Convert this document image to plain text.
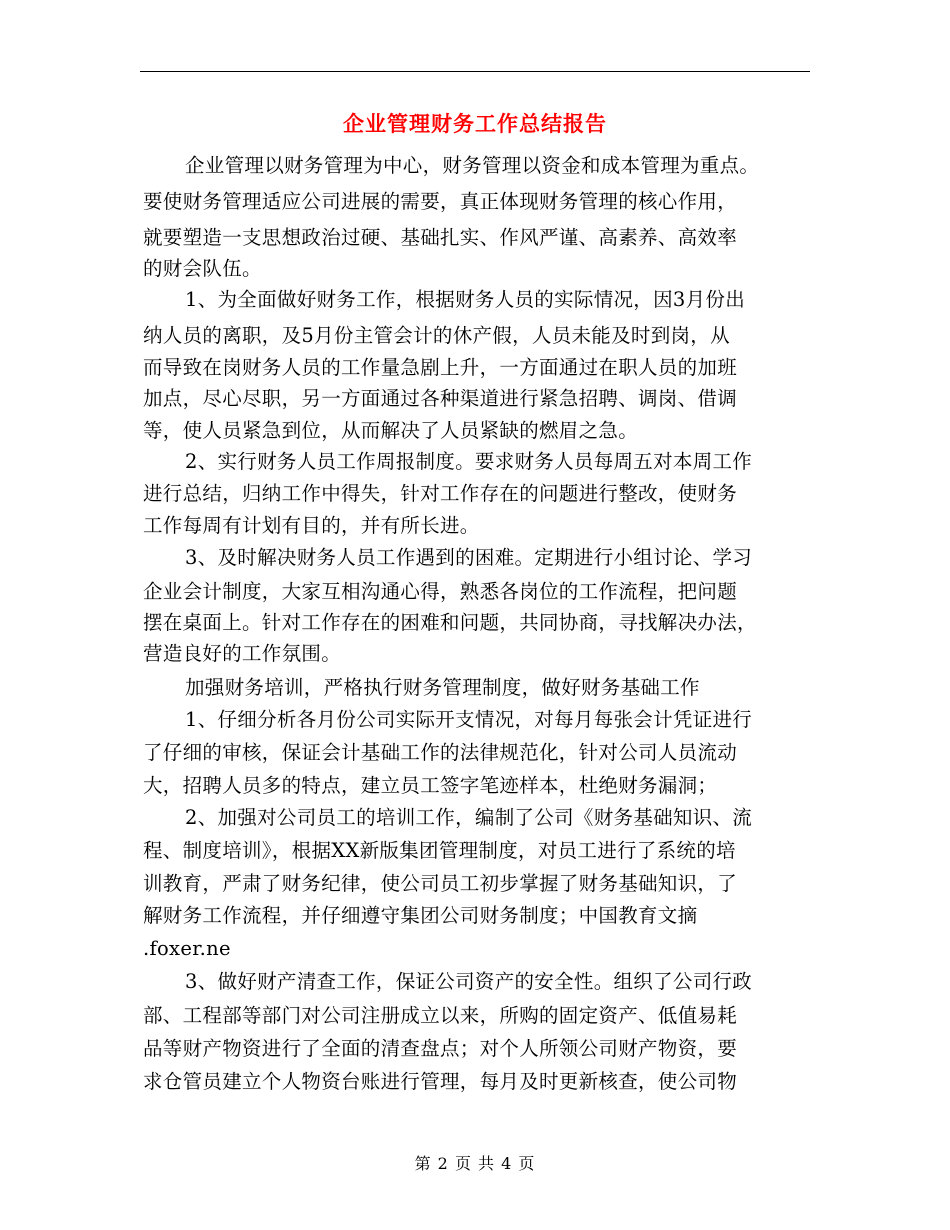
企业管理财务工作总结报告
企业管理以财务管理为中心，财务管理以资金和成本管理为重点。
要使财务管理适应公司进展的需要，真正体现财务管理的核心作用，
就要塑造一支思想政治过硬、基础扎实、作风严谨、高素养、高效率
的财会队伍。
1、为全面做好财务工作，根据财务人员的实际情况，因3月份出
纳人员的离职，及5月份主管会计的休产假，人员未能及时到岗，从
而导致在岗财务人员的工作量急剧上升，一方面通过在职人员的加班
加点，尽心尽职，另一方面通过各种渠道进行紧急招聘、调岗、借调
等，使人员紧急到位，从而解决了人员紧缺的燃眉之急。
2、实行财务人员工作周报制度。要求财务人员每周五对本周工作
进行总结，归纳工作中得失，针对工作存在的问题进行整改，使财务
工作每周有计划有目的，并有所长进。
3、及时解决财务人员工作遇到的困难。定期进行小组讨论、学习
企业会计制度，大家互相沟通心得，熟悉各岗位的工作流程，把问题
摆在桌面上。针对工作存在的困难和问题，共同协商，寻找解决办法，
营造良好的工作氛围。
加强财务培训，严格执行财务管理制度，做好财务基础工作
1、仔细分析各月份公司实际开支情况，对每月每张会计凭证进行
了仔细的审核，保证会计基础工作的法律规范化，针对公司人员流动
大，招聘人员多的特点，建立员工签字笔迹样本，杜绝财务漏洞；
2、加强对公司员工的培训工作，编制了公司《财务基础知识、流
程、制度培训》，根据XX新版集团管理制度，对员工进行了系统的培
训教育，严肃了财务纪律，使公司员工初步掌握了财务基础知识，了
解财务工作流程，并仔细遵守集团公司财务制度；中国教育文摘
.foxer.ne
3、做好财产清查工作，保证公司资产的安全性。组织了公司行政
部、工程部等部门对公司注册成立以来，所购的固定资产、低值易耗
品等财产物资进行了全面的清查盘点；对个人所领公司财产物资，要
求仓管员建立个人物资台账进行管理，每月及时更新核查，使公司物
第 2 页 共 4 页
